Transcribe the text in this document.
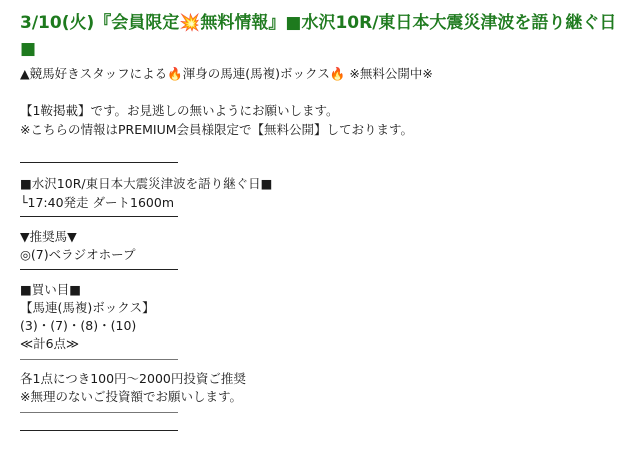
3/10(火)『会員限定💥無料情報』■水沢10R/東日本大震災津波を語り継ぐ日
■

▲競馬好きスタッフによる🔥渾身の馬連(馬複)ボックス🔥 ※無料公開中※

【1鞍掲載】です。お見逃しの無いようにお願いします。

※こちらの情報はPREMIUM会員様限定で【無料公開】しております。

■水沢10R/東日本大震災津波を語り継ぐ日■

└17:40発走 ダート1600m

▼推奨馬▼

◎(7)ベラジオホープ

■買い目■

【馬連(馬複)ボックス】

(3)・(7)・(8)・(10)

≪計6点≫

各1点につき100円〜2000円投資ご推奨

※無理のないご投資額でお願いします。
